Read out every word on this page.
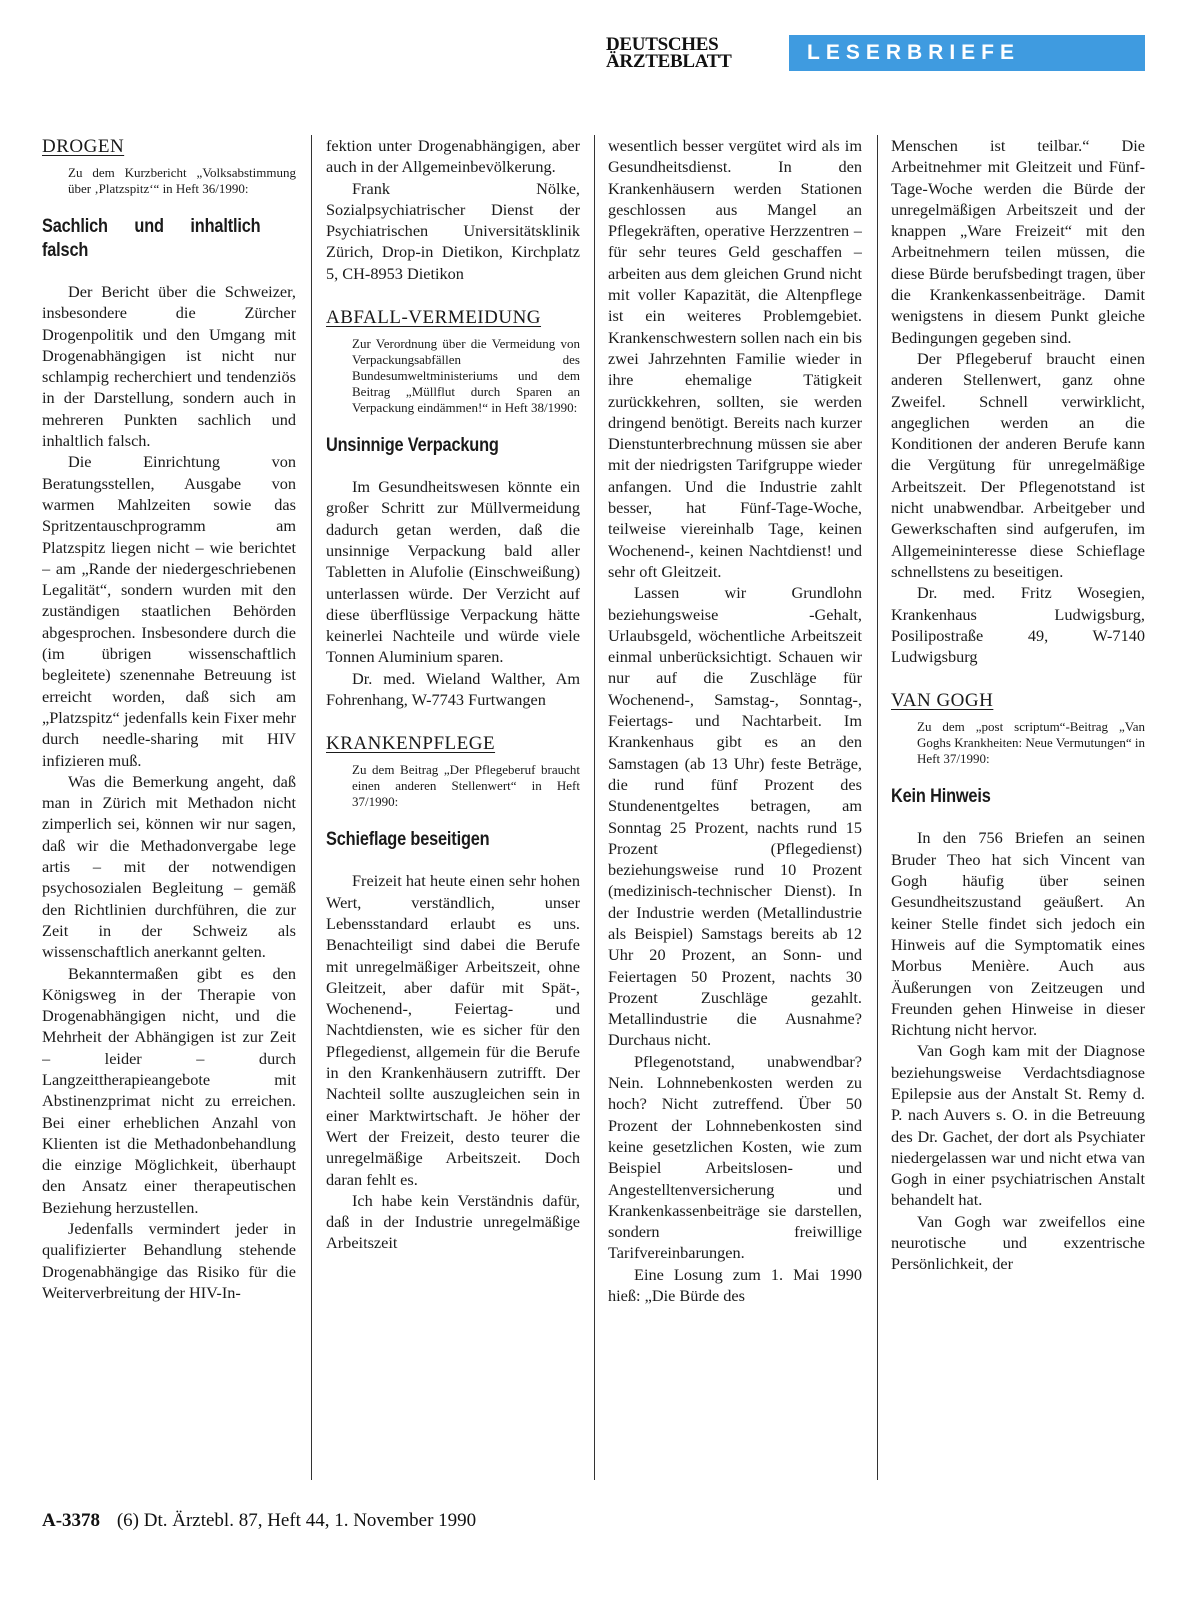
DEUTSCHES
ÄRZTEBLATT	LESERBRIEFE
DROGEN
Zu dem Kurzbericht „Volksabstimmung über ‚Platzspitz‘“ in Heft 36/1990:
Sachlich und inhaltlich falsch

Der Bericht über die Schweizer, insbesondere die Zürcher Drogenpolitik und den Umgang mit Drogenabhängigen ist nicht nur schlampig recherchiert und tendenziös in der Darstellung, sondern auch in mehreren Punkten sachlich und inhaltlich falsch.

Die Einrichtung von Beratungsstellen, Ausgabe von warmen Mahlzeiten sowie das Spritzentauschprogramm am Platzspitz liegen nicht – wie berichtet – am „Rande der niedergeschriebenen Legalität“, sondern wurden mit den zuständigen staatlichen Behörden abgesprochen. Insbesondere durch die (im übrigen wissenschaftlich begleitete) szenennahe Betreuung ist erreicht worden, daß sich am „Platzspitz“ jedenfalls kein Fixer mehr durch needle-sharing mit HIV infizieren muß.

Was die Bemerkung angeht, daß man in Zürich mit Methadon nicht zimperlich sei, können wir nur sagen, daß wir die Methadonvergabe lege artis – mit der notwendigen psychosozialen Begleitung – gemäß den Richtlinien durchführen, die zur Zeit in der Schweiz als wissenschaftlich anerkannt gelten.

Bekanntermaßen gibt es den Königsweg in der Therapie von Drogenabhängigen nicht, und die Mehrheit der Abhängigen ist zur Zeit – leider – durch Langzeittherapieangebote mit Abstinenzprimat nicht zu erreichen. Bei einer erheblichen Anzahl von Klienten ist die Methadonbehandlung die einzige Möglichkeit, überhaupt den Ansatz einer therapeutischen Beziehung herzustellen.

Jedenfalls vermindert jeder in qualifizierter Behandlung stehende Drogenabhängige das Risiko für die Weiterverbreitung der HIV-In-

fektion unter Drogenabhängigen, aber auch in der Allgemeinbevölkerung.

Frank Nölke, Sozialpsychiatrischer Dienst der Psychiatrischen Universitätsklinik Zürich, Drop-in Dietikon, Kirchplatz 5, CH-8953 Dietikon

ABFALL-VERMEIDUNG
Zur Verordnung über die Vermeidung von Verpackungsabfällen des Bundesumweltministeriums und dem Beitrag „Müllflut durch Sparen an Verpackung eindämmen!“ in Heft 38/1990:
Unsinnige Verpackung

Im Gesundheitswesen könnte ein großer Schritt zur Müllvermeidung dadurch getan werden, daß die unsinnige Verpackung bald aller Tabletten in Alufolie (Einschweißung) unterlassen würde. Der Verzicht auf diese überflüssige Verpackung hätte keinerlei Nachteile und würde viele Tonnen Aluminium sparen.

Dr. med. Wieland Walther, Am Fohrenhang, W-7743 Furtwangen

KRANKENPFLEGE
Zu dem Beitrag „Der Pflegeberuf braucht einen anderen Stellenwert“ in Heft 37/1990:
Schieflage beseitigen

Freizeit hat heute einen sehr hohen Wert, verständlich, unser Lebensstandard erlaubt es uns. Benachteiligt sind dabei die Berufe mit unregelmäßiger Arbeitszeit, ohne Gleitzeit, aber dafür mit Spät-, Wochenend-, Feiertag- und Nachtdiensten, wie es sicher für den Pflegedienst, allgemein für die Berufe in den Krankenhäusern zutrifft. Der Nachteil sollte auszugleichen sein in einer Marktwirtschaft. Je höher der Wert der Freizeit, desto teurer die unregelmäßige Arbeitszeit. Doch daran fehlt es.

Ich habe kein Verständnis dafür, daß in der Industrie unregelmäßige Arbeitszeit

wesentlich besser vergütet wird als im Gesundheitsdienst. In den Krankenhäusern werden Stationen geschlossen aus Mangel an Pflegekräften, operative Herzzentren – für sehr teures Geld geschaffen – arbeiten aus dem gleichen Grund nicht mit voller Kapazität, die Altenpflege ist ein weiteres Problemgebiet. Krankenschwestern sollen nach ein bis zwei Jahrzehnten Familie wieder in ihre ehemalige Tätigkeit zurückkehren, sollten, sie werden dringend benötigt. Bereits nach kurzer Dienstunterbrechnung müssen sie aber mit der niedrigsten Tarifgruppe wieder anfangen. Und die Industrie zahlt besser, hat Fünf-Tage-Woche, teilweise viereinhalb Tage, keinen Wochenend-, keinen Nachtdienst! und sehr oft Gleitzeit.

Lassen wir Grundlohn beziehungsweise -Gehalt, Urlaubsgeld, wöchentliche Arbeitszeit einmal unberücksichtigt. Schauen wir nur auf die Zuschläge für Wochenend-, Samstag-, Sonntag-, Feiertags- und Nachtarbeit. Im Krankenhaus gibt es an den Samstagen (ab 13 Uhr) feste Beträge, die rund fünf Prozent des Stundenentgeltes betragen, am Sonntag 25 Prozent, nachts rund 15 Prozent (Pflegedienst) beziehungsweise rund 10 Prozent (medizinisch-technischer Dienst). In der Industrie werden (Metallindustrie als Beispiel) Samstags bereits ab 12 Uhr 20 Prozent, an Sonn- und Feiertagen 50 Prozent, nachts 30 Prozent Zuschläge gezahlt. Metallindustrie die Ausnahme? Durchaus nicht.

Pflegenotstand, unabwendbar? Nein. Lohnnebenkosten werden zu hoch? Nicht zutreffend. Über 50 Prozent der Lohnnebenkosten sind keine gesetzlichen Kosten, wie zum Beispiel Arbeitslosen- und Angestelltenversicherung und Krankenkassenbeiträge sie darstellen, sondern freiwillige Tarifvereinbarungen.

Eine Losung zum 1. Mai 1990 hieß: „Die Bürde des

Menschen ist teilbar.“ Die Arbeitnehmer mit Gleitzeit und Fünf-Tage-Woche werden die Bürde der unregelmäßigen Arbeitszeit und der knappen „Ware Freizeit“ mit den Arbeitnehmern teilen müssen, die diese Bürde berufsbedingt tragen, über die Krankenkassenbeiträge. Damit wenigstens in diesem Punkt gleiche Bedingungen gegeben sind.

Der Pflegeberuf braucht einen anderen Stellenwert, ganz ohne Zweifel. Schnell verwirklicht, angeglichen werden an die Konditionen der anderen Berufe kann die Vergütung für unregelmäßige Arbeitszeit. Der Pflegenotstand ist nicht unabwendbar. Arbeitgeber und Gewerkschaften sind aufgerufen, im Allgemeininteresse diese Schieflage schnellstens zu beseitigen.

Dr. med. Fritz Wosegien, Krankenhaus Ludwigsburg, Posilipostraße 49, W-7140 Ludwigsburg

VAN GOGH
Zu dem „post scriptum“-Beitrag „Van Goghs Krankheiten: Neue Vermutungen“ in Heft 37/1990:
Kein Hinweis

In den 756 Briefen an seinen Bruder Theo hat sich Vincent van Gogh häufig über seinen Gesundheitszustand geäußert. An keiner Stelle findet sich jedoch ein Hinweis auf die Symptomatik eines Morbus Menière. Auch aus Äußerungen von Zeitzeugen und Freunden gehen Hinweise in dieser Richtung nicht hervor.

Van Gogh kam mit der Diagnose beziehungsweise Verdachtsdiagnose Epilepsie aus der Anstalt St. Remy d. P. nach Auvers s. O. in die Betreuung des Dr. Gachet, der dort als Psychiater niedergelassen war und nicht etwa van Gogh in einer psychiatrischen Anstalt behandelt hat.

Van Gogh war zweifellos eine neurotische und exzentrische Persönlichkeit, der

A-3378 (6) Dt. Ärztebl. 87, Heft 44, 1. November 1990
